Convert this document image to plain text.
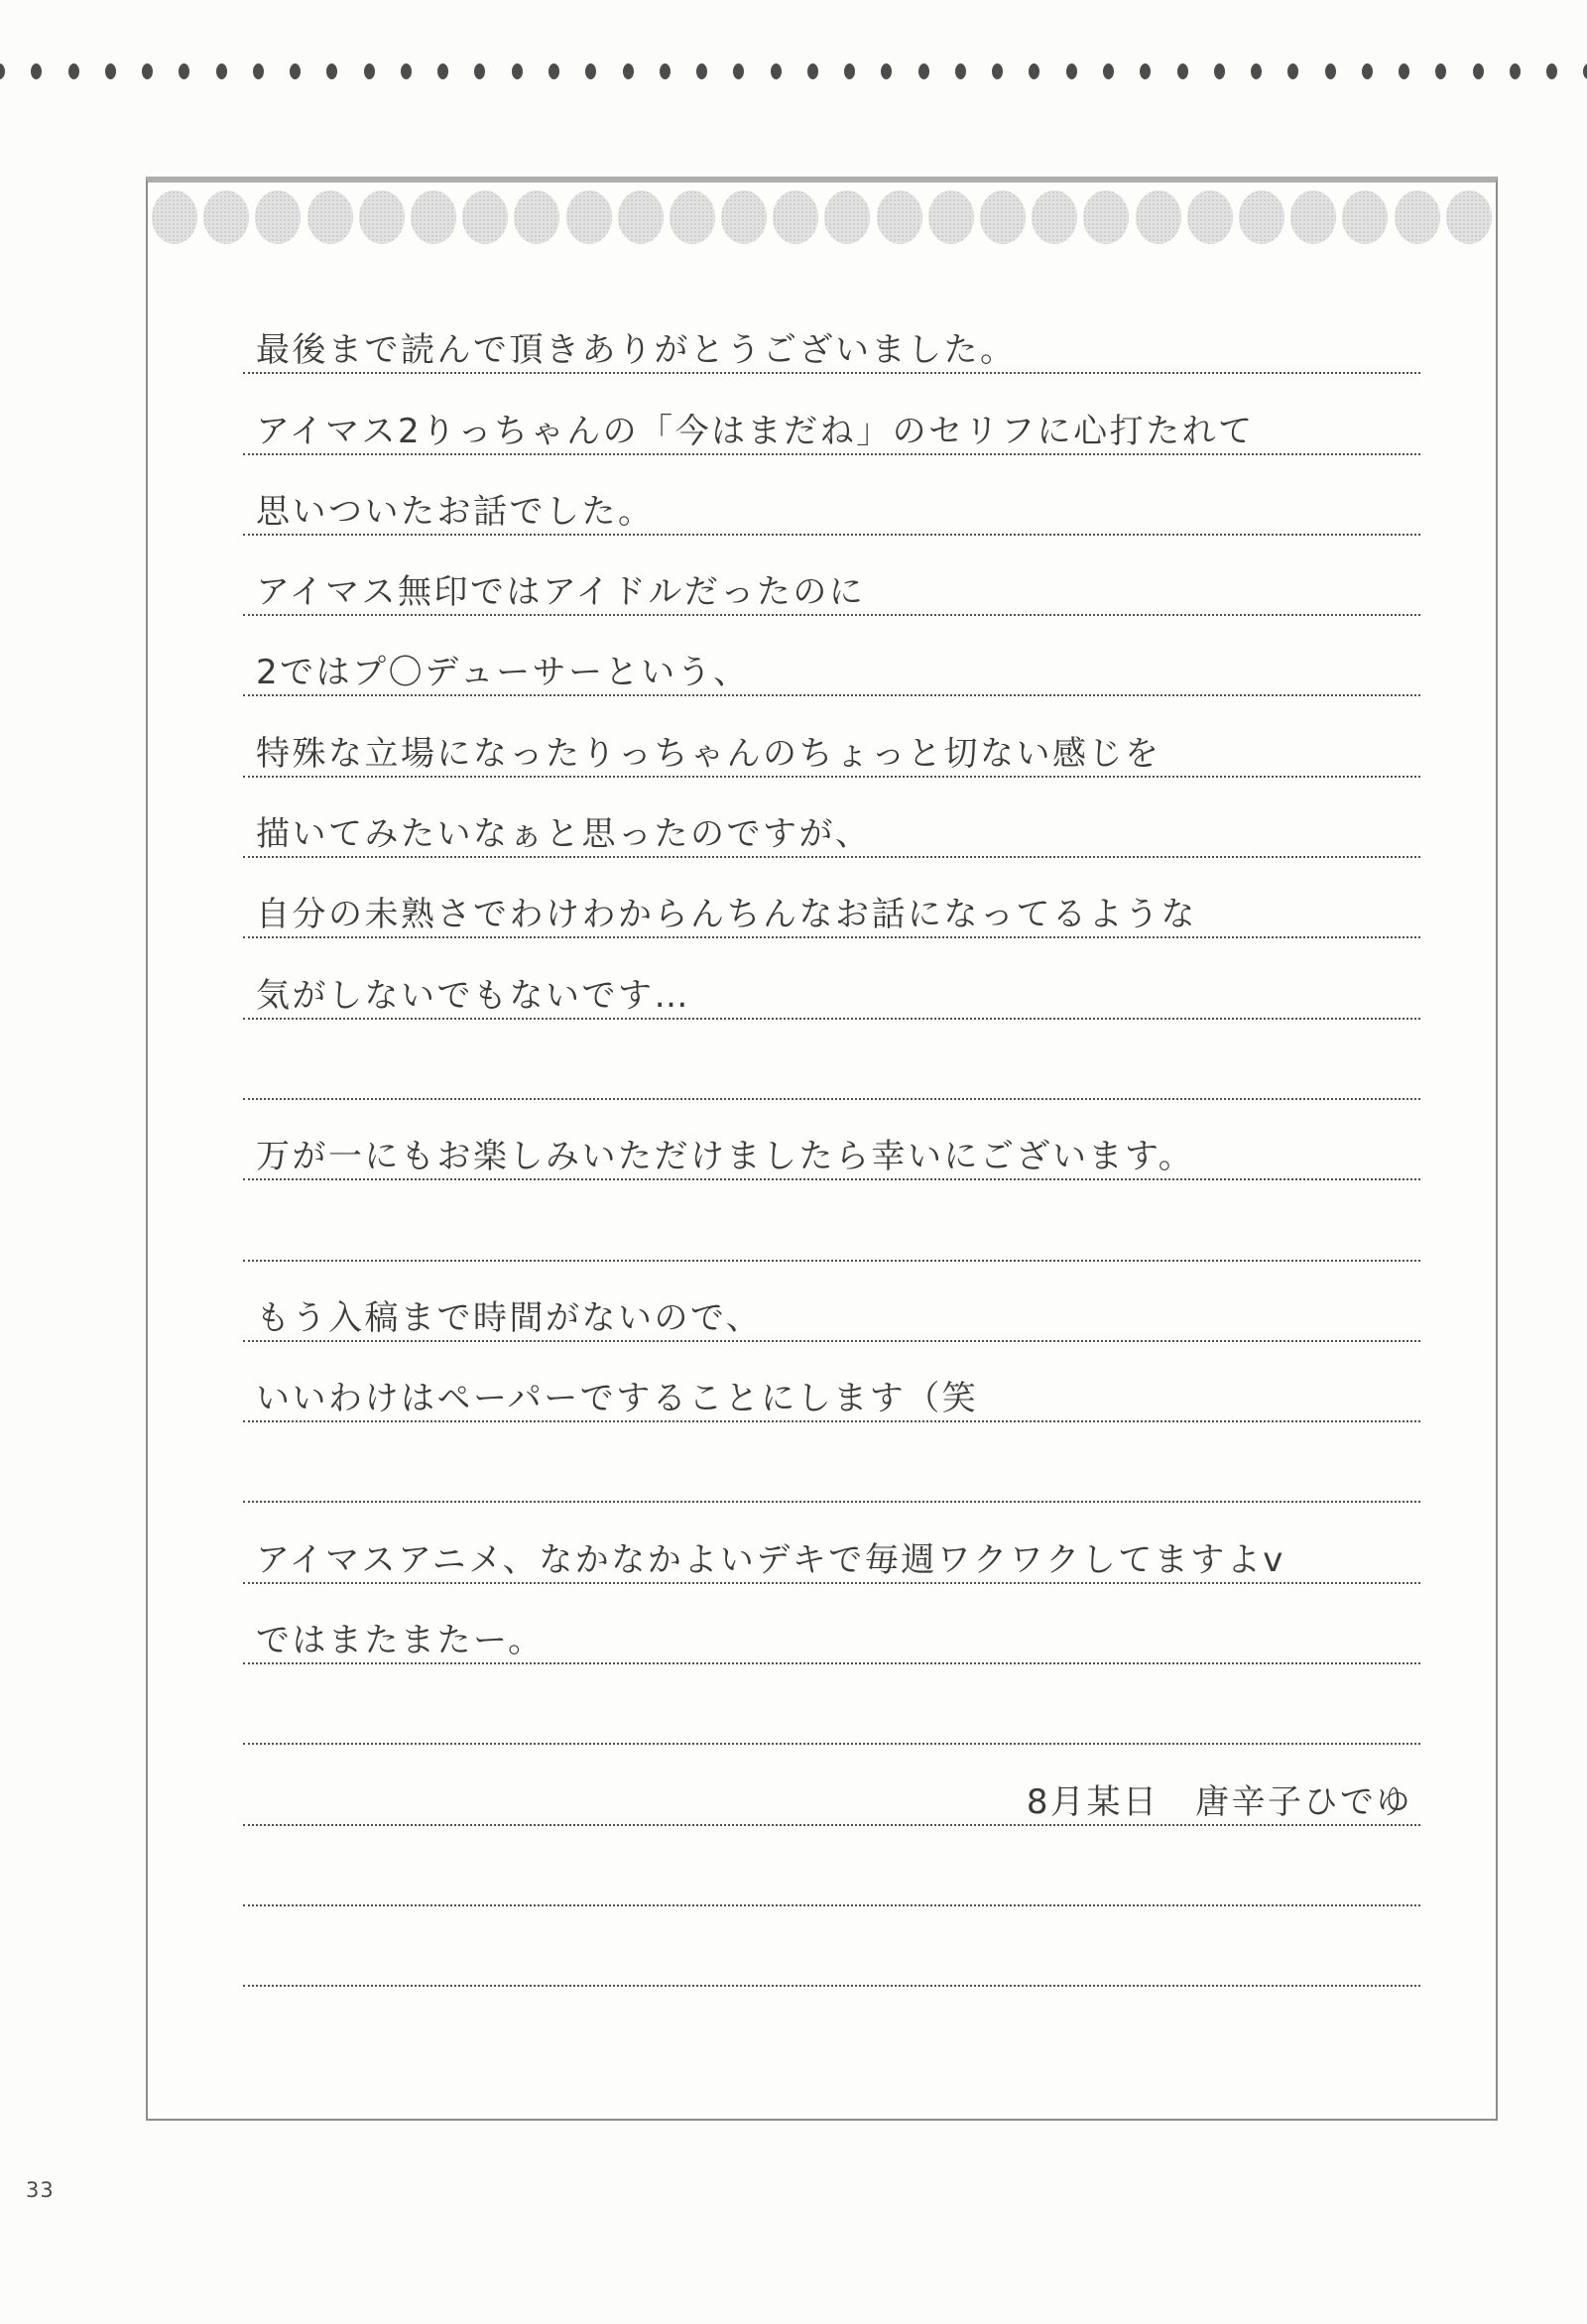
最後まで読んで頂きありがとうございました。
アイマス2りっちゃんの「今はまだね」のセリフに心打たれて
思いついたお話でした。
アイマス無印ではアイドルだったのに
2ではプ〇デューサーという、
特殊な立場になったりっちゃんのちょっと切ない感じを
描いてみたいなぁと思ったのですが、
自分の未熟さでわけわからんちんなお話になってるような
気がしないでもないです…
万が一にもお楽しみいただけましたら幸いにございます。
もう入稿まで時間がないので、
いいわけはペーパーですることにします（笑
アイマスアニメ、なかなかよいデキで毎週ワクワクしてますよv
ではまたまたー。
8月某日　唐辛子ひでゆ
33
